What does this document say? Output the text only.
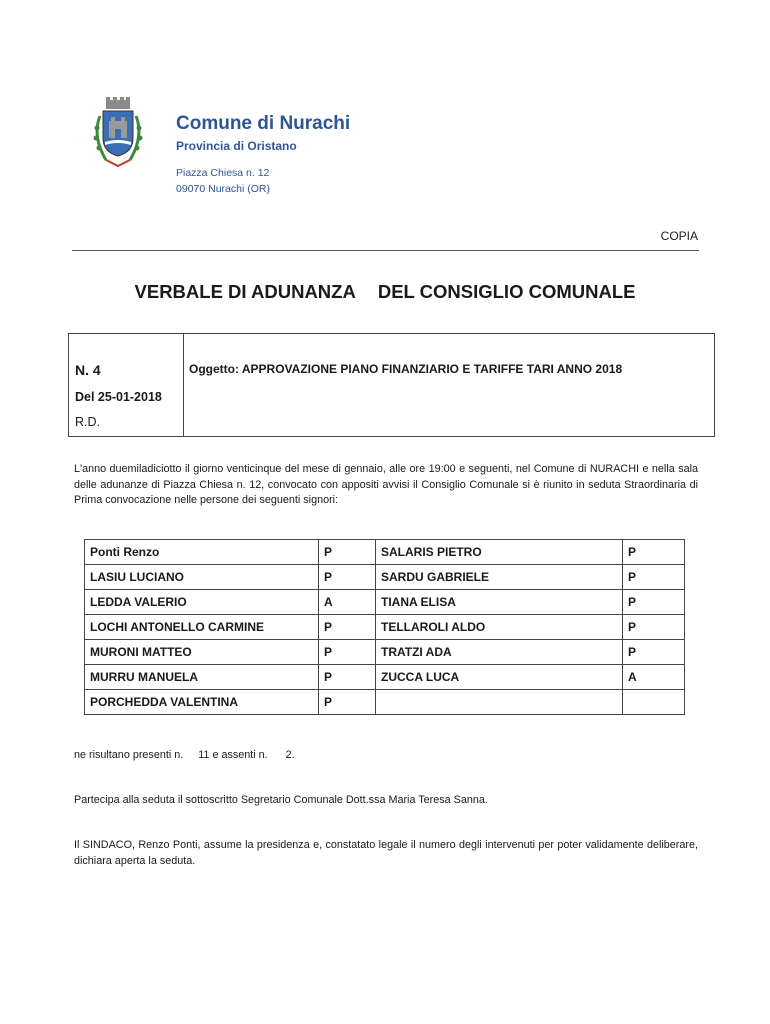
Comune di Nurachi
Provincia di Oristano
Piazza Chiesa n. 12
09070 Nurachi (OR)
COPIA
VERBALE DI ADUNANZA DEL CONSIGLIO COMUNALE
N. 4
Del 25-01-2018
R.D.
Oggetto: APPROVAZIONE PIANO FINANZIARIO E TARIFFE TARI ANNO 2018
L'anno duemiladiciotto il giorno venticinque del mese di gennaio, alle ore 19:00 e seguenti, nel Comune di NURACHI e nella sala delle adunanze di Piazza Chiesa n. 12, convocato con appositi avvisi il Consiglio Comunale si è riunito in seduta Straordinaria di Prima convocazione nelle persone dei seguenti signori:
Ponti Renzo	P	SALARIS PIETRO	P
LASIU LUCIANO	P	SARDU GABRIELE	P
LEDDA VALERIO	A	TIANA ELISA	P
LOCHI ANTONELLO CARMINE	P	TELLAROLI ALDO	P
MURONI MATTEO	P	TRATZI ADA	P
MURRU MANUELA	P	ZUCCA LUCA	A
PORCHEDDA VALENTINA	P		
ne risultano presenti n.     11 e assenti n.      2.
Partecipa alla seduta il sottoscritto Segretario Comunale Dott.ssa Maria Teresa Sanna.
Il SINDACO, Renzo Ponti, assume la presidenza e, constatato legale il numero degli intervenuti per poter validamente deliberare, dichiara aperta la seduta.
